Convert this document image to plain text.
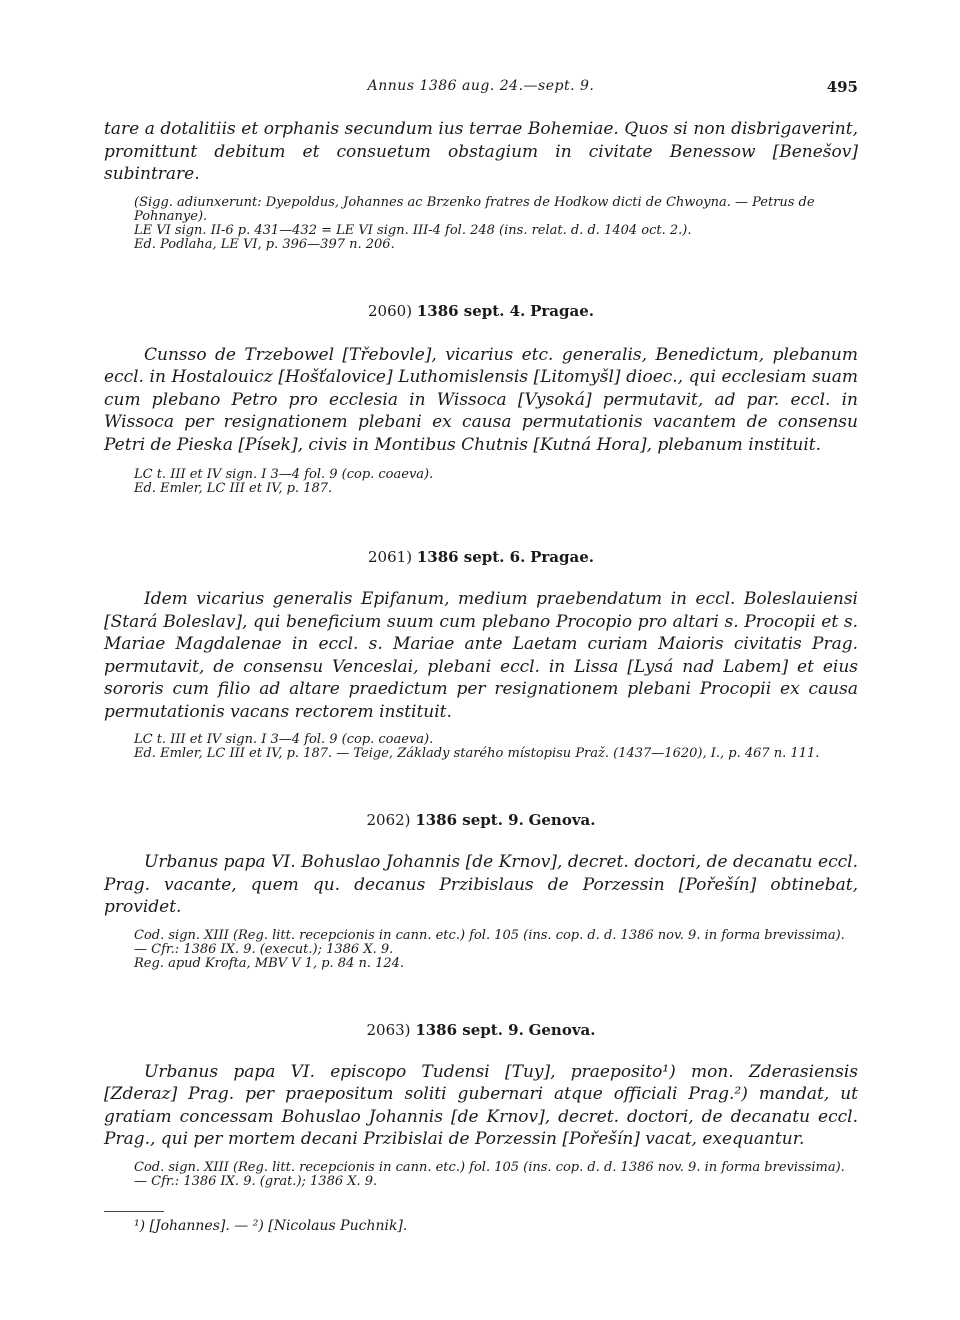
Annus 1386 aug. 24.—sept. 9.	495

tare a dotalitiis et orphanis secundum ius terrae Bohemiae. Quos si non disbrigaverint, promittunt debitum et consuetum obstagium in civitate Benessow [Benešov] subintrare.

(Sigg. adiunxerunt: Dyepoldus, Johannes ac Brzenko fratres de Hodkow dicti de Chwoyna. — Petrus de Pohnanye).

LE VI sign. II-6 p. 431—432 = LE VI sign. III-4 fol. 248 (ins. relat. d. d. 1404 oct. 2.).

Ed. Podlaha, LE VI, p. 396—397 n. 206.

2060) 1386 sept. 4. Pragae.

Cunsso de Trzebowel [Třebovle], vicarius etc. generalis, Benedictum, plebanum eccl. in Hostalouicz [Hošťalovice] Luthomislensis [Litomyšl] dioec., qui ecclesiam suam cum plebano Petro pro ecclesia in Wissoca [Vysoká] permutavit, ad par. eccl. in Wissoca per resignationem plebani ex causa permutationis vacantem de consensu Petri de Pieska [Písek], civis in Montibus Chutnis [Kutná Hora], plebanum instituit.

LC t. III et IV sign. I 3—4 fol. 9 (cop. coaeva).

Ed. Emler, LC III et IV, p. 187.

2061) 1386 sept. 6. Pragae.

Idem vicarius generalis Epifanum, medium praebendatum in eccl. Boleslauiensi [Stará Boleslav], qui beneficium suum cum plebano Procopio pro altari s. Procopii et s. Mariae Magdalenae in eccl. s. Mariae ante Laetam curiam Maioris civitatis Prag. permutavit, de consensu Venceslai, plebani eccl. in Lissa [Lysá nad Labem] et eius sororis cum filio ad altare praedictum per resignationem plebani Procopii ex causa permutationis vacans rectorem instituit.

LC t. III et IV sign. I 3—4 fol. 9 (cop. coaeva).

Ed. Emler, LC III et IV, p. 187. — Teige, Základy starého místopisu Praž. (1437—1620), I., p. 467 n. 111.

2062) 1386 sept. 9. Genova.

Urbanus papa VI. Bohuslao Johannis [de Krnov], decret. doctori, de decanatu eccl. Prag. vacante, quem qu. decanus Przibislaus de Porzessin [Pořešín] obtinebat, providet.

Cod. sign. XIII (Reg. litt. recepcionis in cann. etc.) fol. 105 (ins. cop. d. d. 1386 nov. 9. in forma brevissima). — Cfr.: 1386 IX. 9. (execut.); 1386 X. 9.

Reg. apud Krofta, MBV V 1, p. 84 n. 124.

2063) 1386 sept. 9. Genova.

Urbanus papa VI. episcopo Tudensi [Tuy], praeposito¹) mon. Zderasiensis [Zderaz] Prag. per praepositum soliti gubernari atque officiali Prag.²) mandat, ut gratiam concessam Bohuslao Johannis [de Krnov], decret. doctori, de decanatu eccl. Prag., qui per mortem decani Przibislai de Porzessin [Pořešín] vacat, exequantur.

Cod. sign. XIII (Reg. litt. recepcionis in cann. etc.) fol. 105 (ins. cop. d. d. 1386 nov. 9. in forma brevissima). — Cfr.: 1386 IX. 9. (grat.); 1386 X. 9.

¹) [Johannes]. — ²) [Nicolaus Puchnik].
